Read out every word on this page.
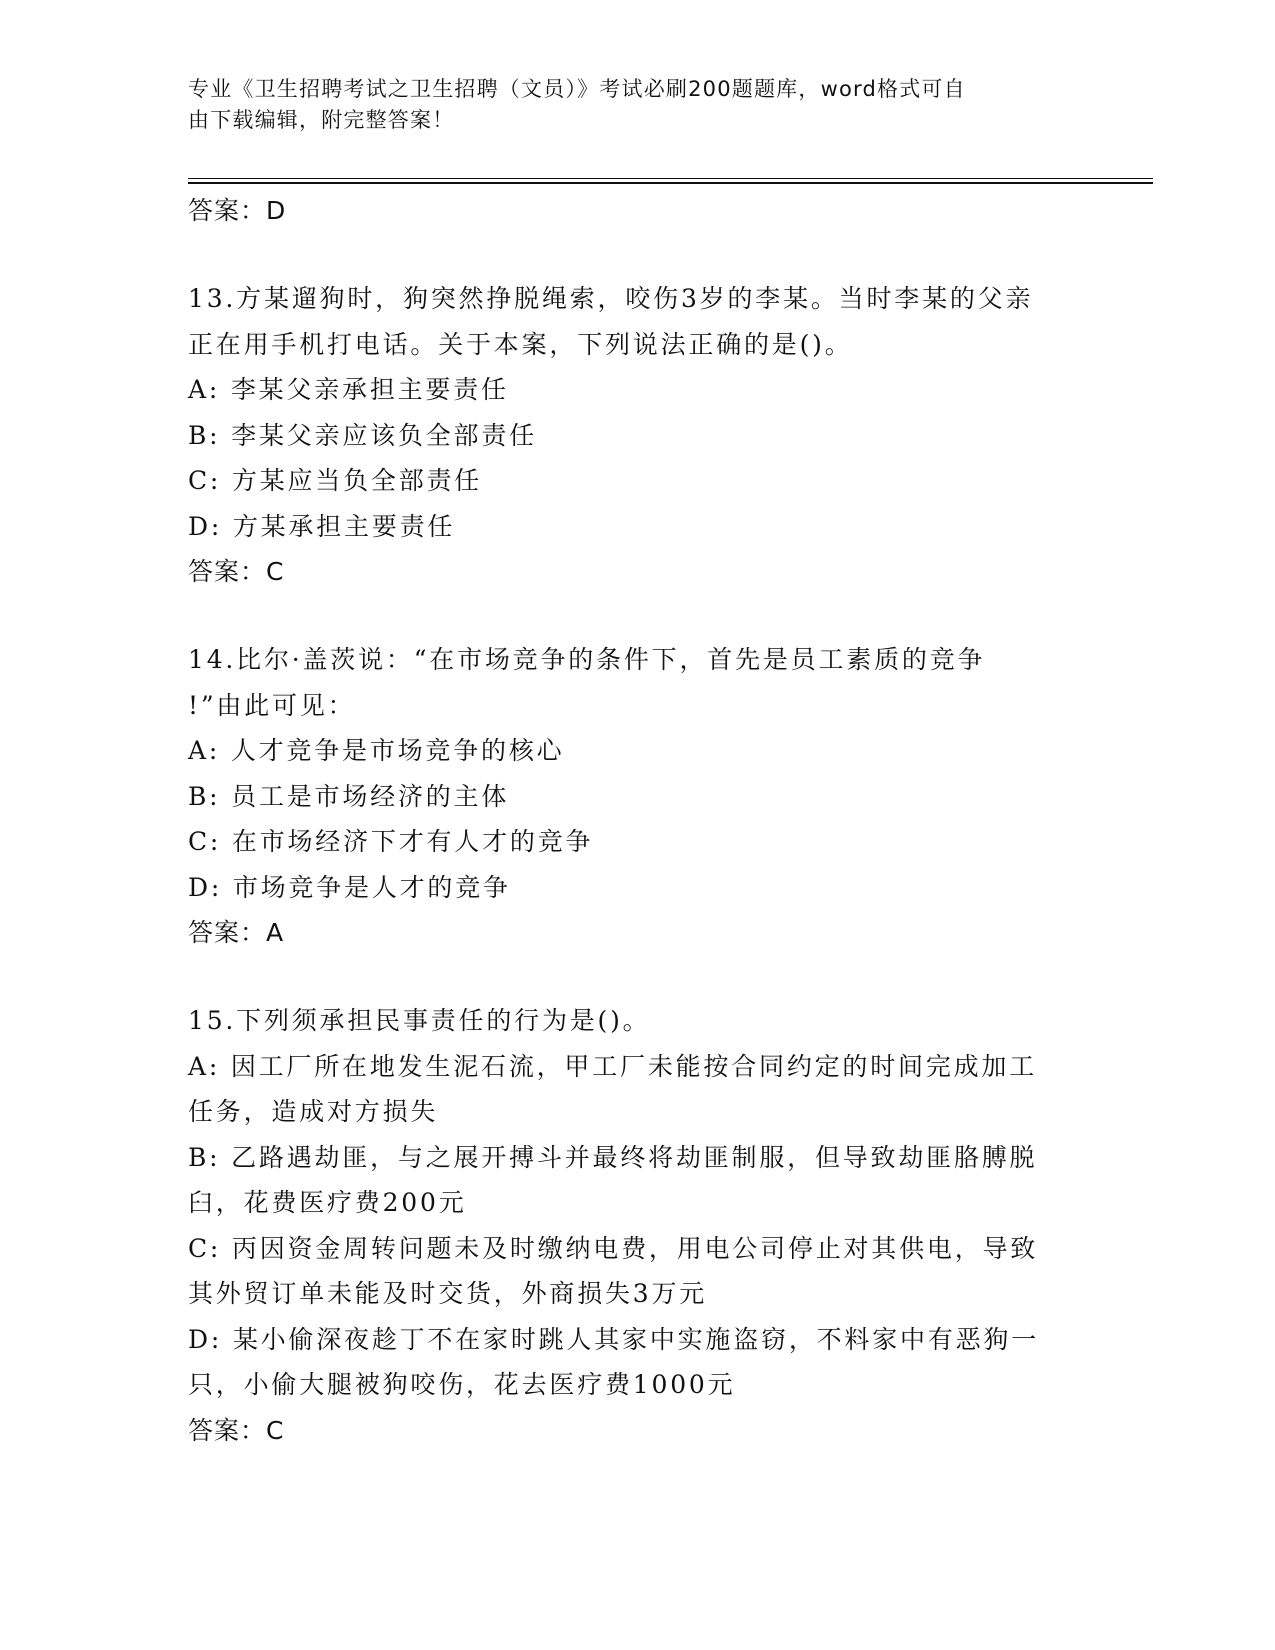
专业《卫生招聘考试之卫生招聘（文员）》考试必刷200题题库，word格式可自
由下载编辑，附完整答案！

答案：D

13.方某遛狗时，狗突然挣脱绳索，咬伤3岁的李某。当时李某的父亲

正在用手机打电话。关于本案，下列说法正确的是()。

A: 李某父亲承担主要责任

B: 李某父亲应该负全部责任

C: 方某应当负全部责任

D: 方某承担主要责任

答案：C

14.比尔·盖茨说：“在市场竞争的条件下，首先是员工素质的竞争

!”由此可见：

A: 人才竞争是市场竞争的核心

B: 员工是市场经济的主体

C: 在市场经济下才有人才的竞争

D: 市场竞争是人才的竞争

答案：A

15.下列须承担民事责任的行为是()。

A: 因工厂所在地发生泥石流，甲工厂未能按合同约定的时间完成加工

任务，造成对方损失

B: 乙路遇劫匪，与之展开搏斗并最终将劫匪制服，但导致劫匪胳膊脱

臼，花费医疗费200元

C: 丙因资金周转问题未及时缴纳电费，用电公司停止对其供电，导致

其外贸订单未能及时交货，外商损失3万元

D: 某小偷深夜趁丁不在家时跳人其家中实施盗窃，不料家中有恶狗一

只，小偷大腿被狗咬伤，花去医疗费1000元

答案：C
